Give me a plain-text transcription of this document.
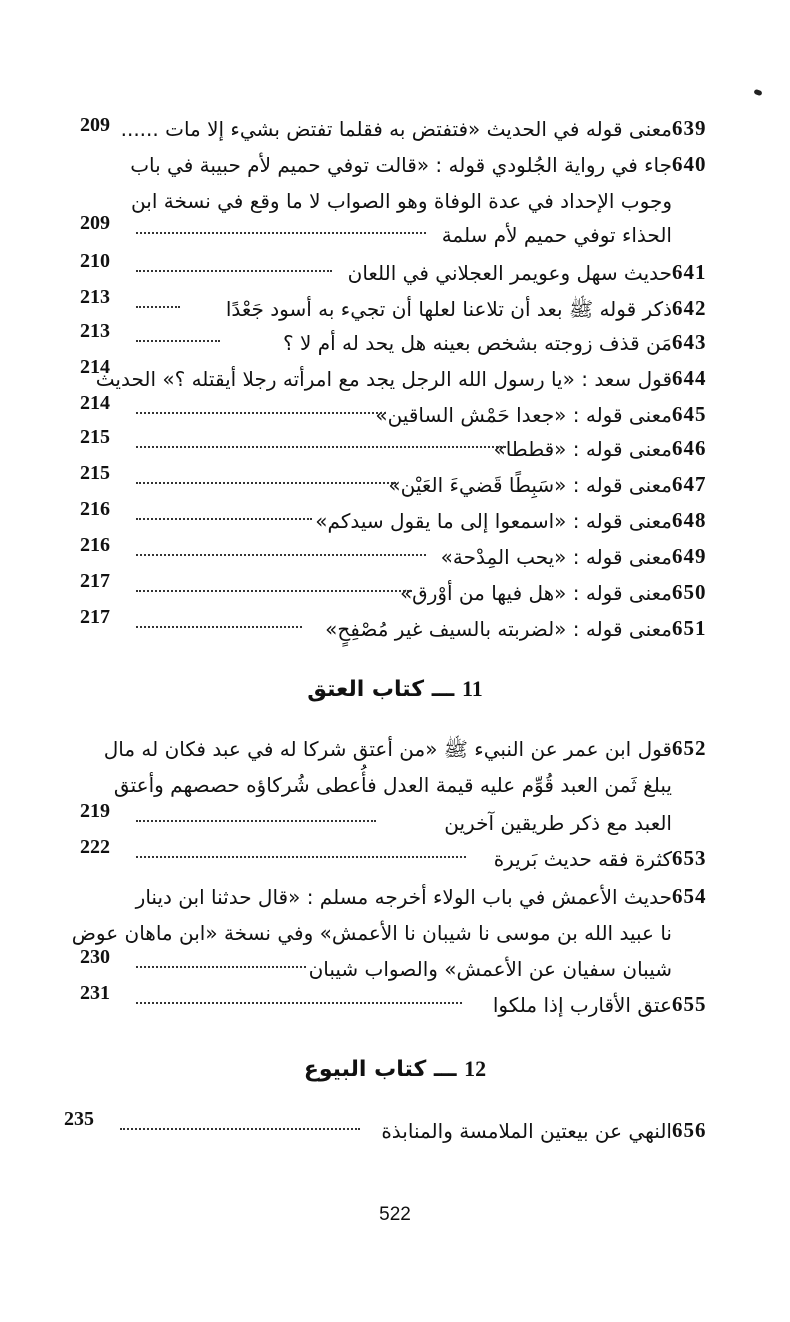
639
معنى قوله في الحديث «فتفتض به فقلما تفتض بشيء إلا مات ......
209
640
جاء في رواية الجُلودي قوله : «قالت توفي حميم لأم حبيبة في باب
وجوب الإحداد في عدة الوفاة وهو الصواب لا ما وقع في نسخة ابن
الحذاء توفي حميم لأم سلمة
209
641
حديث سهل وعويمر العجلاني في اللعان
210
642
ذكر قوله ﷺ بعد أن تلاعنا لعلها أن تجيء به أسود جَعْدًا
213
643
مَن قذف زوجته بشخص بعينه هل يحد له أم لا ؟
213
644
قول سعد : «يا رسول الله الرجل يجد مع امرأته رجلا أيقتله ؟» الحديث
214
645
معنى قوله : «جعدا حَمْش الساقين»
214
646
معنى قوله : «قططا»
215
647
معنى قوله : «سَبِطًا قَضيءَ العَيْن»
215
648
معنى قوله : «اسمعوا إلى ما يقول سيدكم»
216
649
معنى قوله : «يحب المِدْحة»
216
650
معنى قوله : «هل فيها من أوْرق»
217
651
معنى قوله : «لضربته بالسيف غير مُصْفِحٍ»
217
11 ـــ كتاب العتق
652
قول ابن عمر عن النبيء ﷺ «من أعتق شركا له في عبد فكان له مال
يبلغ ثَمن العبد قُوِّم عليه قيمة العدل فأُعطى شُركاؤه حصصهم وأعتق
العبد مع ذكر طريقين آخرين
219
653
كثرة فقه حديث بَريرة
222
654
حديث الأعمش في باب الولاء أخرجه مسلم : «قال حدثنا ابن دينار
نا عبيد الله بن موسى نا شيبان نا الأعمش» وفي نسخة «ابن ماهان عوض
شيبان سفيان عن الأعمش» والصواب شيبان
230
655
عتق الأقارب إذا ملكوا
231
12 ـــ كتاب البيوع
656
النهي عن بيعتين الملامسة والمنابذة
235
522
